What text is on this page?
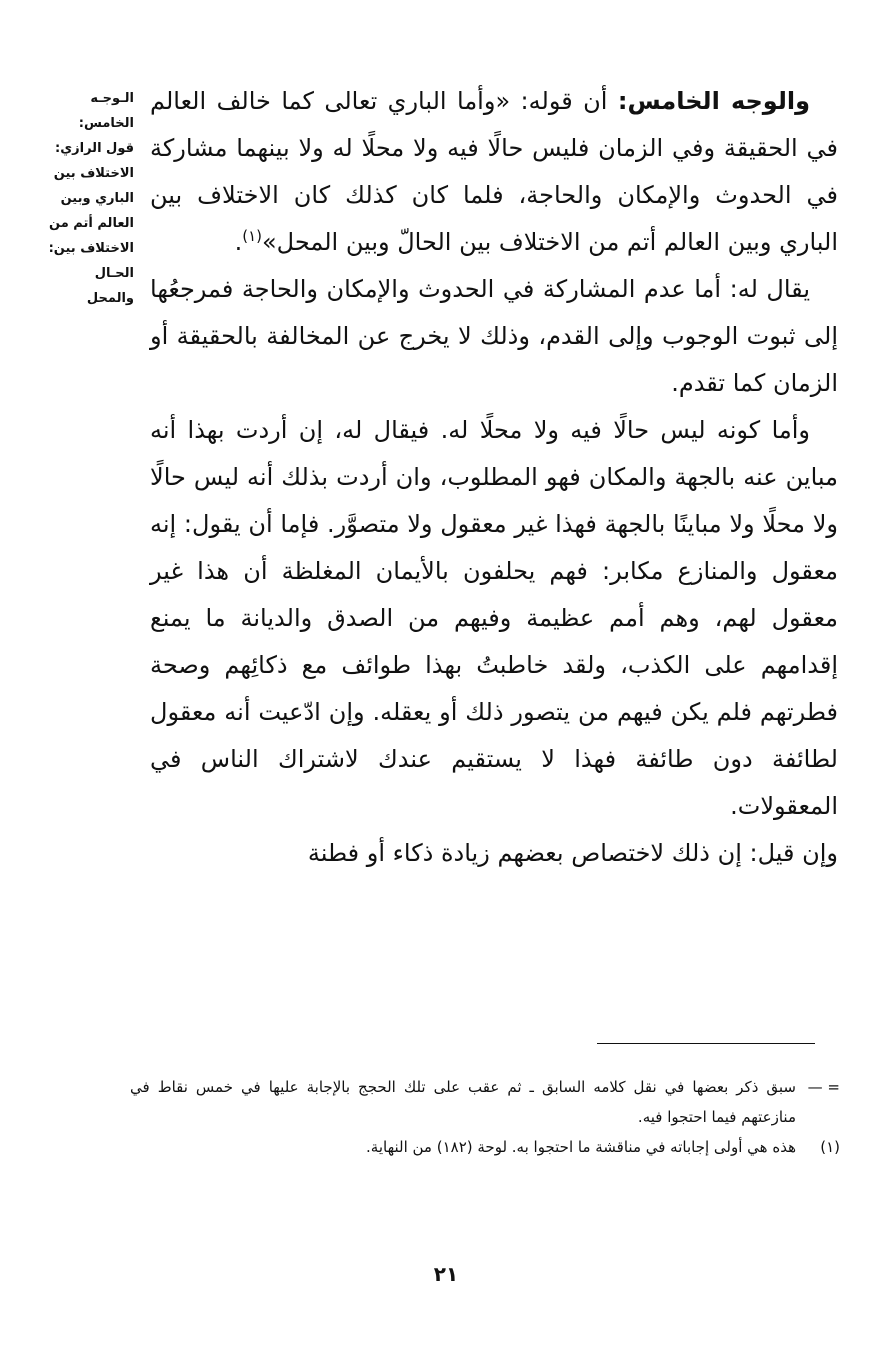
الـوجـه
الخامس:
قول الرازي:
الاختلاف بين
الباري وبين
العالم أتم من
الاختلاف بين:
الحـال
والمحل

والوجه الخامس: أن قوله: «وأما الباري تعالى كما خالف العالم في الحقيقة وفي الزمان فليس حالًا فيه ولا محلًا له ولا بينهما مشاركة في الحدوث والإمكان والحاجة، فلما كان كذلك كان الاختلاف بين الباري وبين العالم أتم من الاختلاف بين الحالّ وبين المحل»$^{(١)}$.

يقال له: أما عدم المشاركة في الحدوث والإمكان والحاجة فمرجعُها إلى ثبوت الوجوب وإلى القدم، وذلك لا يخرج عن المخالفة بالحقيقة أو الزمان كما تقدم.

وأما كونه ليس حالًا فيه ولا محلًا له. فيقال له، إن أردت بهذا أنه مباين عنه بالجهة والمكان فهو المطلوب، وان أردت بذلك أنه ليس حالًا ولا محلًا ولا مباينًا بالجهة فهذا غير معقول ولا متصوَّر. فإما أن يقول: إنه معقول والمنازع مكابر: فهم يحلفون بالأيمان المغلظة أن هذا غير معقول لهم، وهم أمم عظيمة وفيهم من الصدق والديانة ما يمنع إقدامهم على الكذب، ولقد خاطبتُ بهذا طوائف مع ذكائِهم وصحة فطرتهم فلم يكن فيهم من يتصور ذلك أو يعقله. وإن ادّعيت أنه معقول لطائفة دون طائفة فهذا لا يستقيم عندك لاشتراك الناس في المعقولات.

وإن قيل: إن ذلك لاختصاص بعضهم زيادة ذكاء أو فطنة

= —
سبق ذكر بعضها في نقل كلامه السابق ـ ثم عقب على تلك الحجج بالإجابة عليها في خمس نقاط في منازعتهم فيما احتجوا فيه.
(١)
هذه هي أولى إجاباته في مناقشة ما احتجوا به. لوحة (١٨٢) من النهاية.
٢١
